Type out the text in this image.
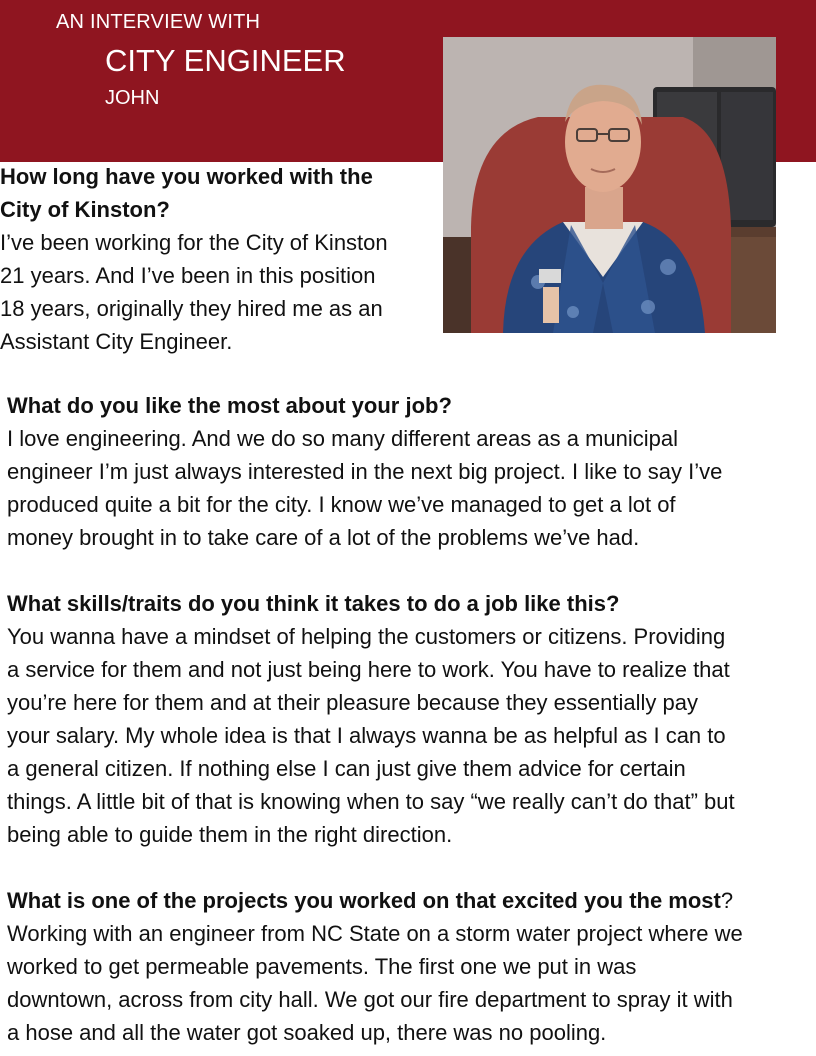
AN INTERVIEW WITH
CITY ENGINEER
JOHN

How long have you worked with the
City of Kinston?

I’ve been working for the City of Kinston
21 years. And I’ve been in this position
18 years, originally they hired me as an
Assistant City Engineer.

What do you like the most about your job?

I love engineering. And we do so many different areas as a municipal
engineer I’m just always interested in the next big project. I like to say I’ve
produced quite a bit for the city. I know we’ve managed to get a lot of
money brought in to take care of a lot of the problems we’ve had.

What skills/traits do you think it takes to do a job like this?

You wanna have a mindset of helping the customers or citizens. Providing
a service for them and not just being here to work. You have to realize that
you’re here for them and at their pleasure because they essentially pay
your salary. My whole idea is that I always wanna be as helpful as I can to
a general citizen. If nothing else I can just give them advice for certain
things. A little bit of that is knowing when to say “we really can’t do that” but
being able to guide them in the right direction.

What is one of the projects you worked on that excited you the most?

Working with an engineer from NC State on a storm water project where we
worked to get permeable pavements. The first one we put in was
downtown, across from city hall. We got our fire department to spray it with
a hose and all the water got soaked up, there was no pooling.
